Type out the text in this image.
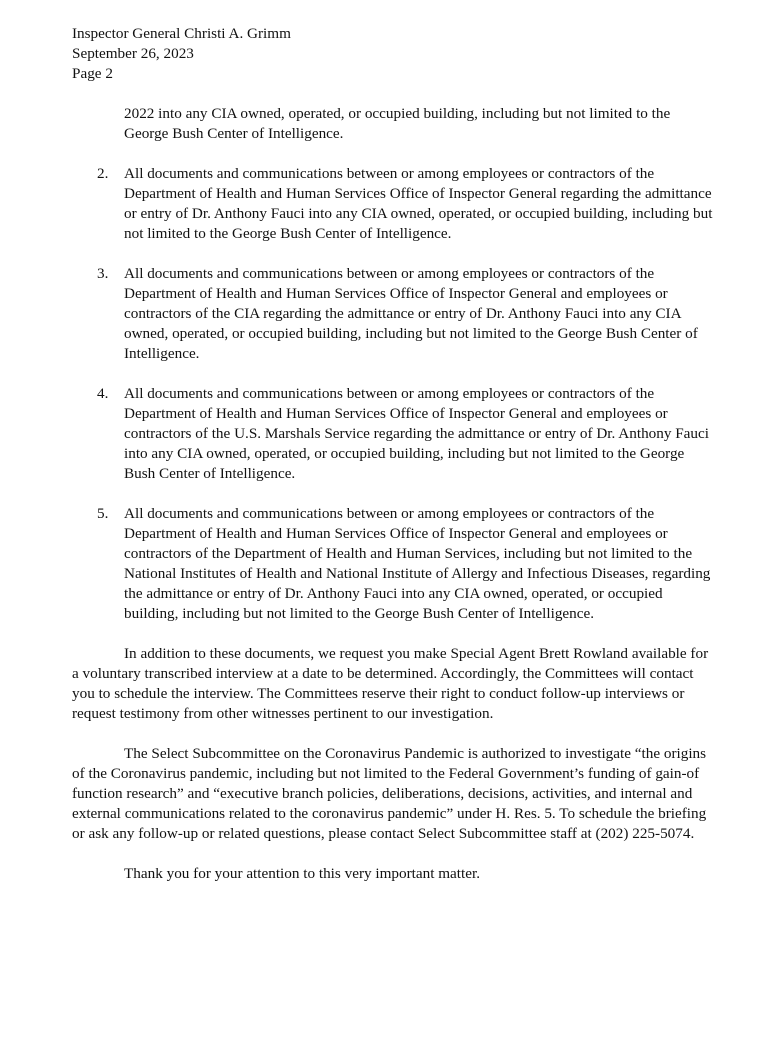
Inspector General Christi A. Grimm
September 26, 2023
Page 2

2022 into any CIA owned, operated, or occupied building, including but not limited to the George Bush Center of Intelligence.

2. All documents and communications between or among employees or contractors of the Department of Health and Human Services Office of Inspector General regarding the admittance or entry of Dr. Anthony Fauci into any CIA owned, operated, or occupied building, including but not limited to the George Bush Center of Intelligence.
3. All documents and communications between or among employees or contractors of the Department of Health and Human Services Office of Inspector General and employees or contractors of the CIA regarding the admittance or entry of Dr. Anthony Fauci into any CIA owned, operated, or occupied building, including but not limited to the George Bush Center of Intelligence.
4. All documents and communications between or among employees or contractors of the Department of Health and Human Services Office of Inspector General and employees or contractors of the U.S. Marshals Service regarding the admittance or entry of Dr. Anthony Fauci into any CIA owned, operated, or occupied building, including but not limited to the George Bush Center of Intelligence.
5. All documents and communications between or among employees or contractors of the Department of Health and Human Services Office of Inspector General and employees or contractors of the Department of Health and Human Services, including but not limited to the National Institutes of Health and National Institute of Allergy and Infectious Diseases, regarding the admittance or entry of Dr. Anthony Fauci into any CIA owned, operated, or occupied building, including but not limited to the George Bush Center of Intelligence.

In addition to these documents, we request you make Special Agent Brett Rowland available for a voluntary transcribed interview at a date to be determined. Accordingly, the Committees will contact you to schedule the interview. The Committees reserve their right to conduct follow-up interviews or request testimony from other witnesses pertinent to our investigation.

The Select Subcommittee on the Coronavirus Pandemic is authorized to investigate “the origins of the Coronavirus pandemic, including but not limited to the Federal Government’s funding of gain-of function research” and “executive branch policies, deliberations, decisions, activities, and internal and external communications related to the coronavirus pandemic” under H. Res. 5. To schedule the briefing or ask any follow-up or related questions, please contact Select Subcommittee staff at (202) 225-5074.

Thank you for your attention to this very important matter.
